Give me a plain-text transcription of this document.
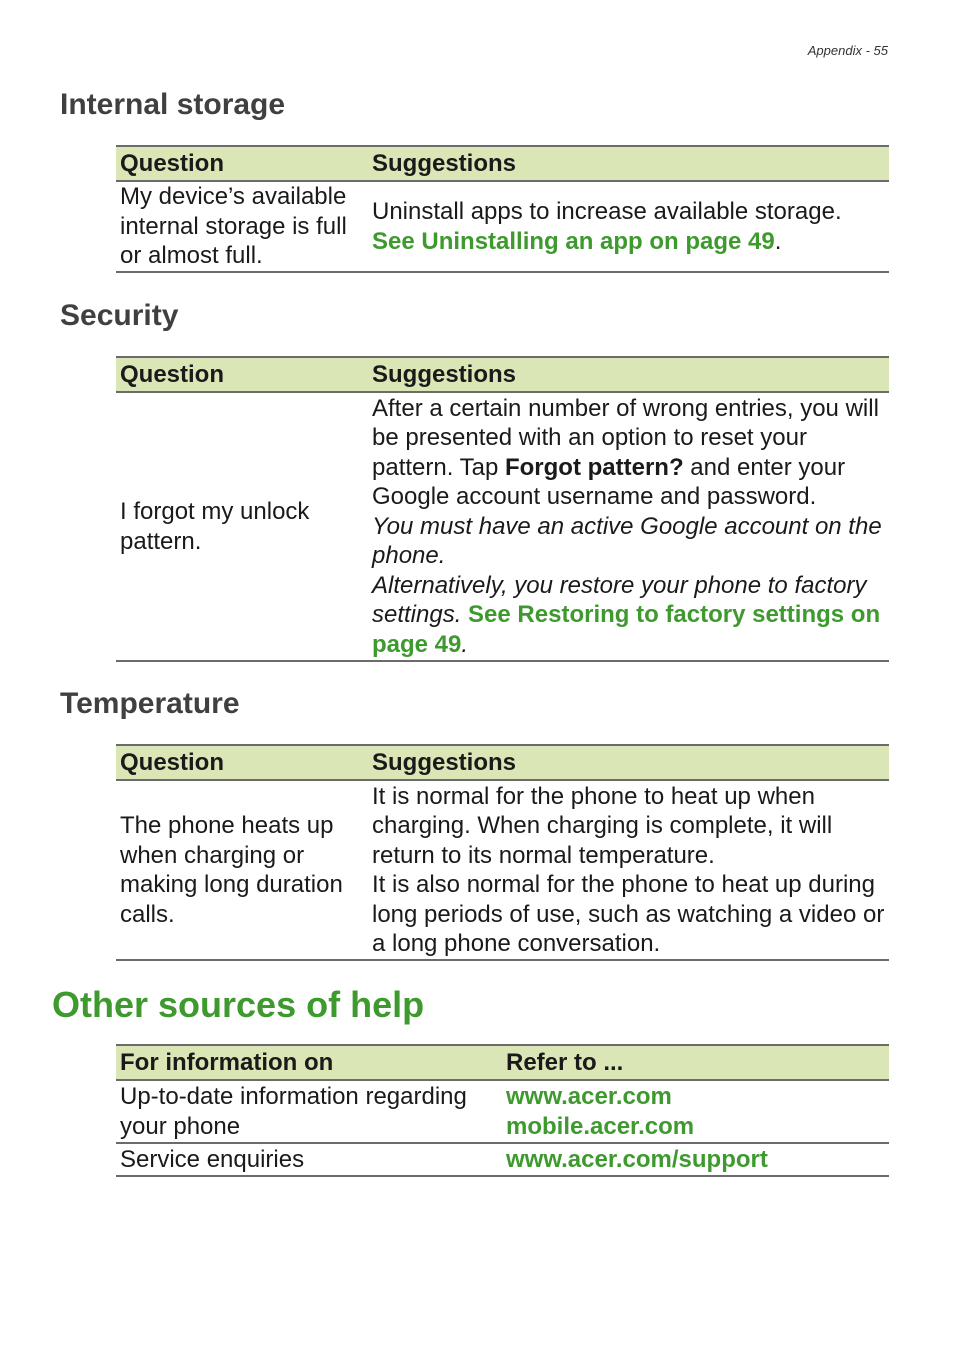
Appendix - 55
Internal storage
Question	Suggestions
My device’s available internal storage is full or almost full.	Uninstall apps to increase available storage.
See Uninstalling an app on page 49.
Security
Question	Suggestions
I forgot my unlock pattern.	After a certain number of wrong entries, you will be presented with an option to reset your pattern. Tap Forgot pattern? and enter your Google account username and password.
You must have an active Google account on the phone.
Alternatively, you restore your phone to factory settings. See Restoring to factory settings on page 49.
Temperature
Question	Suggestions
The phone heats up when charging or making long duration calls.	It is normal for the phone to heat up when charging. When charging is complete, it will return to its normal temperature.
It is also normal for the phone to heat up during long periods of use, such as watching a video or a long phone conversation.
Other sources of help
For information on	Refer to ...
Up-to-date information regarding your phone	www.acer.com
mobile.acer.com

Service enquiries	www.acer.com/support
